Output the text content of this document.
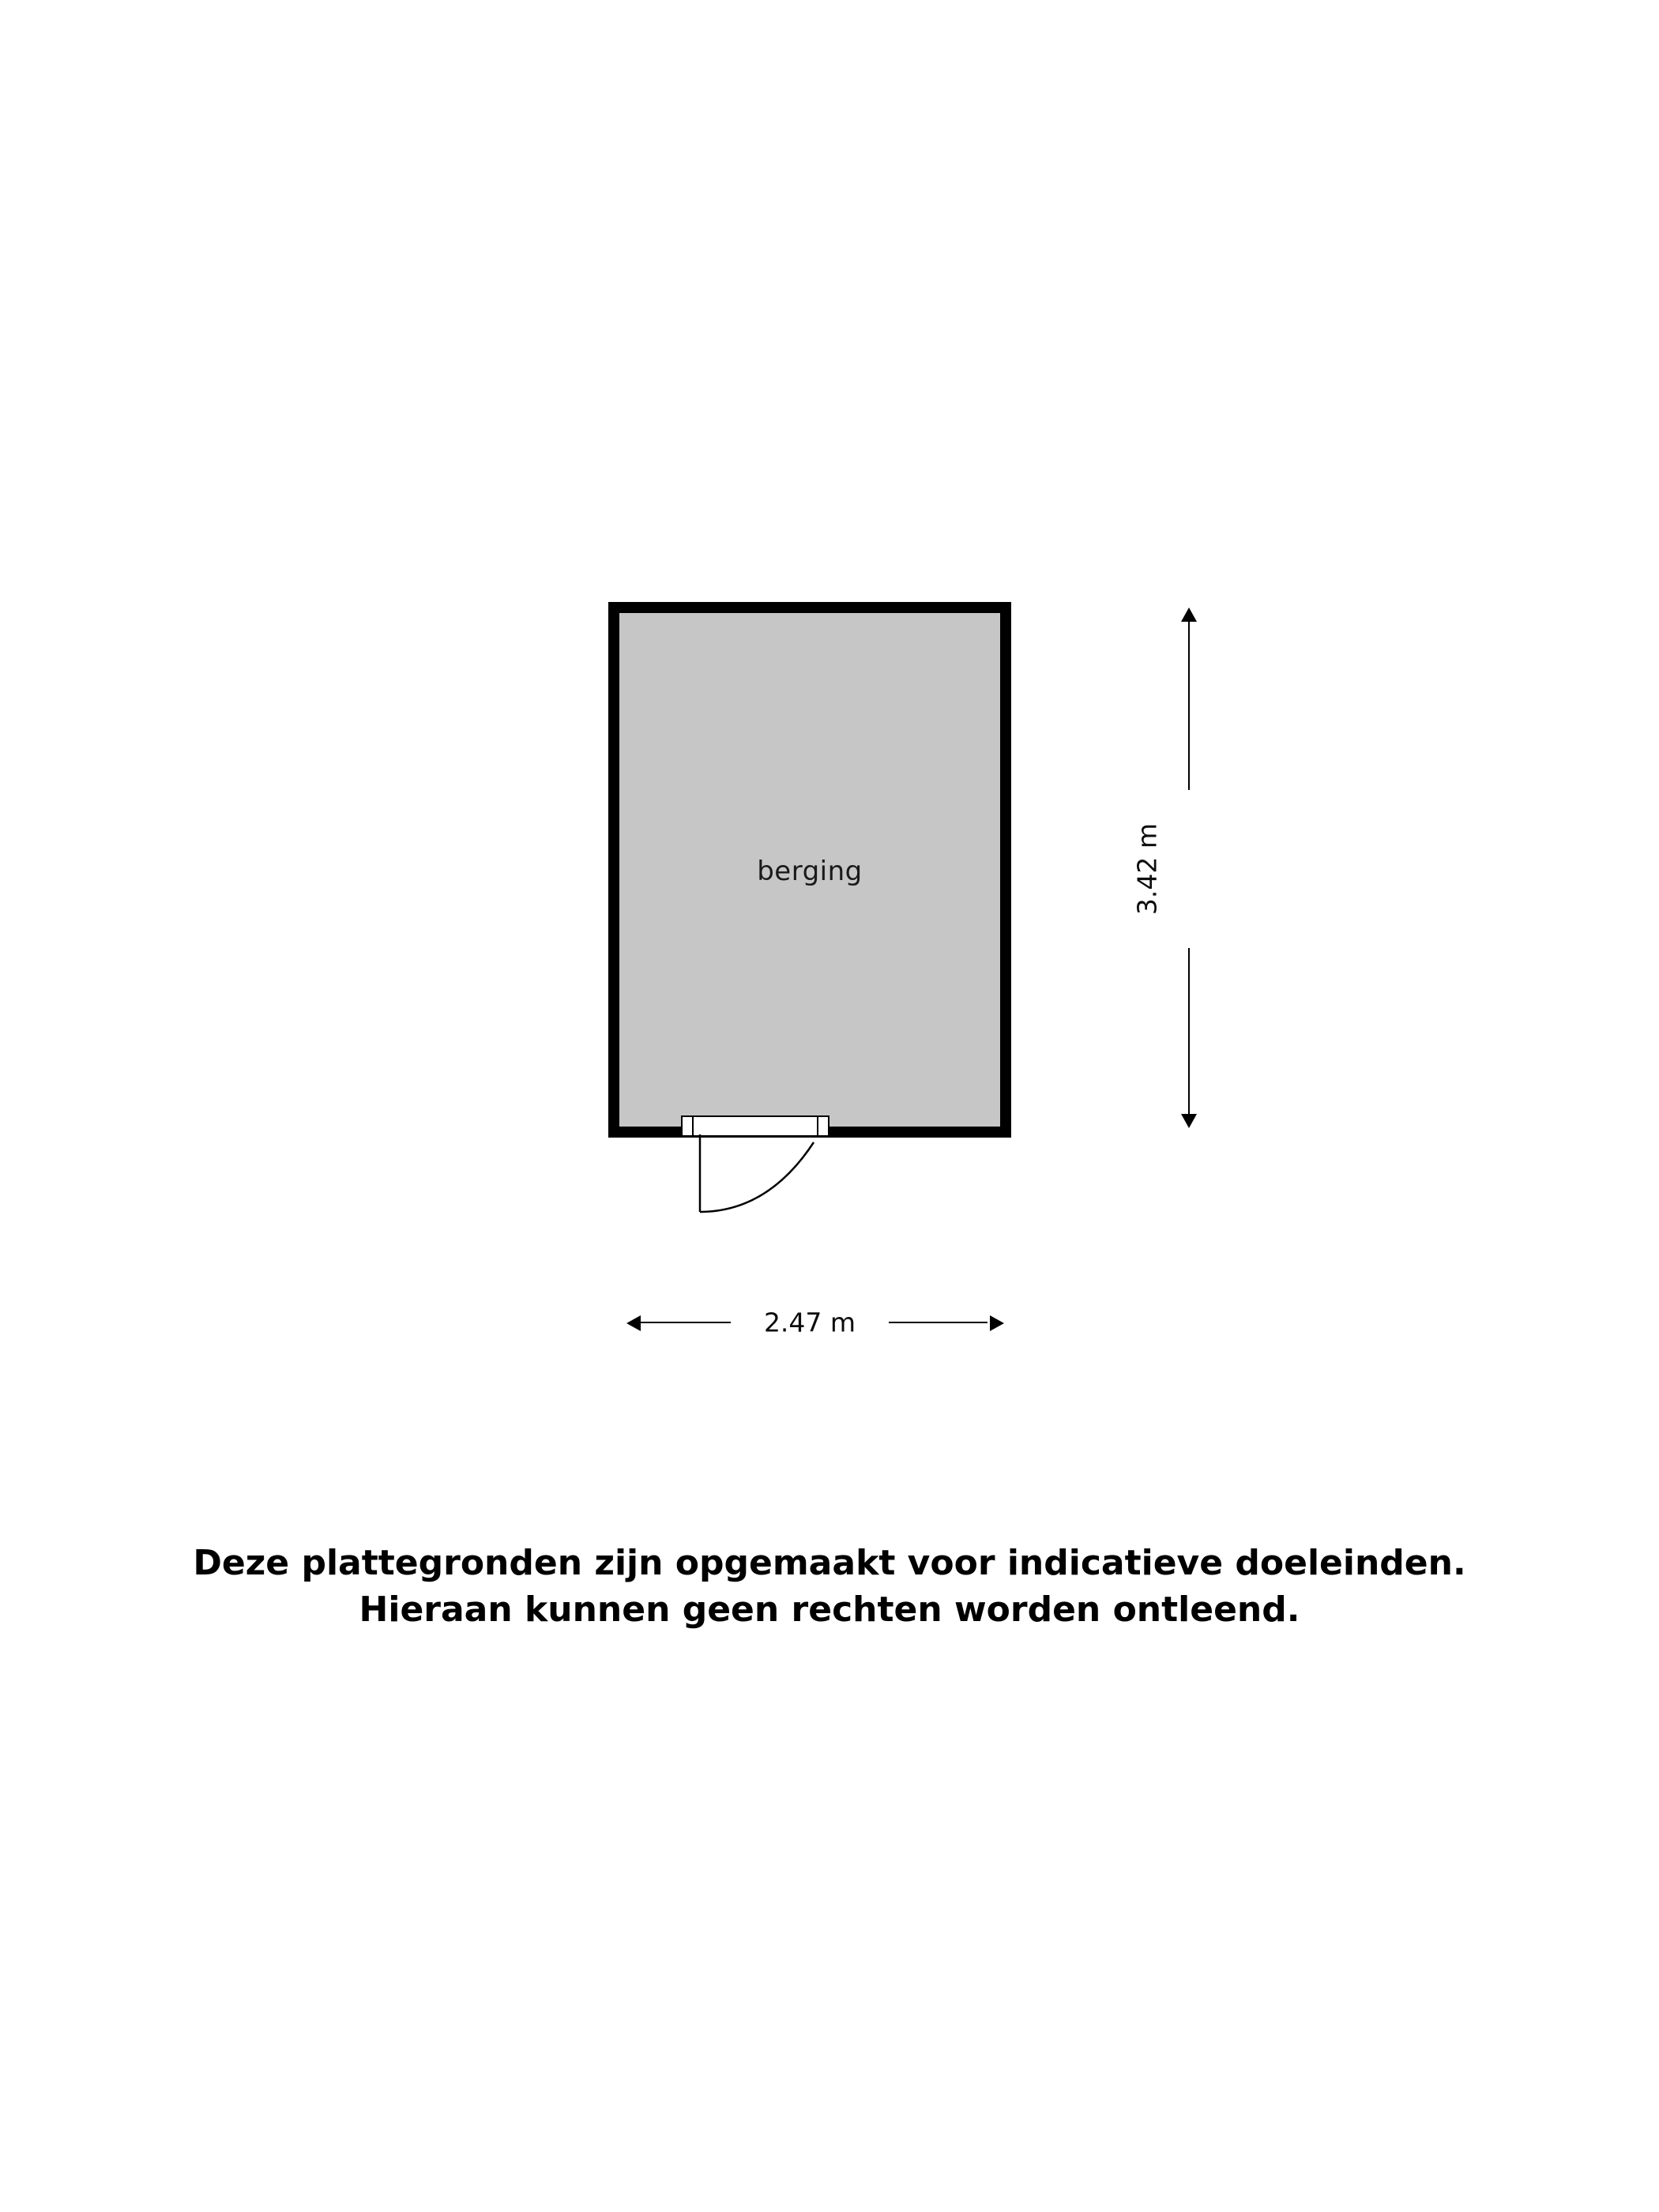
berging	3.42 m
2.47 m
Deze plattegronden zijn opgemaakt voor indicatieve doeleinden.
Hieraan kunnen geen rechten worden ontleend.
